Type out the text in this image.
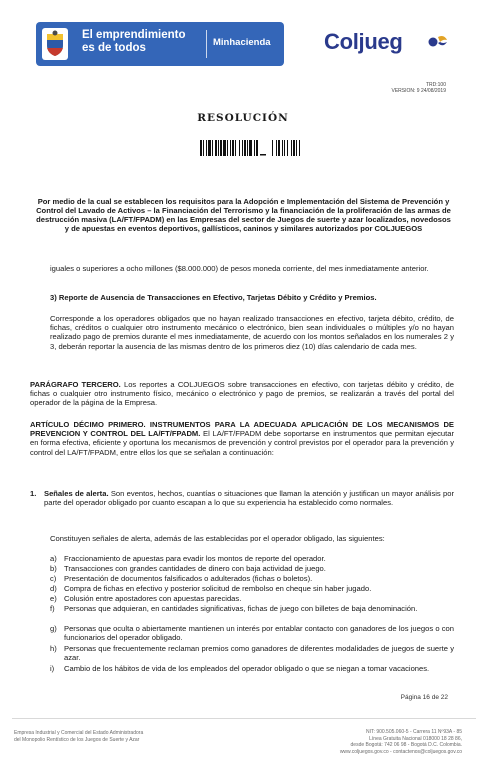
El emprendimiento
es de todos	Minhacienda Coljueg
TRD:100
VERSION: 9 24/08/2019
RESOLUCIÓN
Por medio de la cual se establecen los requisitos para la Adopción e Implementación del Sistema de Prevención y Control del Lavado de Activos – la Financiación del Terrorismo y la financiación de la proliferación de las armas de destrucción masiva (LA/FT/FPADM) en las Empresas del sector de Juegos de suerte y azar localizados, novedosos y de apuestas en eventos deportivos, gallísticos, caninos y similares autorizados por COLJUEGOS
iguales o superiores a ocho millones ($8.000.000) de pesos moneda corriente, del mes inmediatamente anterior.
3) Reporte de Ausencia de Transacciones en Efectivo, Tarjetas Débito y Crédito y Premios.
Corresponde a los operadores obligados que no hayan realizado transacciones en efectivo, tarjeta débito, crédito, de fichas, créditos o cualquier otro instrumento mecánico o electrónico, bien sean individuales o múltiples y/o no hayan realizado pago de premios durante el mes inmediatamente, de acuerdo con los montos señalados en los numerales 2 y 3, deberán reportar la ausencia de las mismas dentro de los primeros diez (10) días calendario de cada mes.
PARÁGRAFO TERCERO. Los reportes a COLJUEGOS sobre transacciones en efectivo, con tarjetas débito y crédito, de fichas o cualquier otro instrumento físico, mecánico o electrónico y pago de premios, se realizarán a través del portal del operador de la página de la Empresa.
ARTÍCULO DÉCIMO PRIMERO. INSTRUMENTOS PARA LA ADECUADA APLICACIÓN DE LOS MECANISMOS DE PREVENCION Y CONTROL DEL LA/FT/FPADM. El LA/FT/FPADM debe soportarse en instrumentos que permitan ejecutar en forma efectiva, eficiente y oportuna los mecanismos de prevención y control previstos por el operador para la prevención y control del LA/FT/FPADM, entre ellos los que se señalan a continuación:
1. Señales de alerta. Son eventos, hechos, cuantías o situaciones que llaman la atención y justifican un mayor análisis por parte del operador obligado por cuanto escapan a lo que su experiencia ha establecido como normales.
Constituyen señales de alerta, además de las establecidas por el operador obligado, las siguientes:
a) Fraccionamiento de apuestas para evadir los montos de reporte del operador.
b) Transacciones con grandes cantidades de dinero con baja actividad de juego.
c) Presentación de documentos falsificados o adulterados (fichas o boletos).
d) Compra de fichas en efectivo y posterior solicitud de rembolso en cheque sin haber jugado.
e) Colusión entre apostadores con apuestas parecidas.
f) Personas que adquieran, en cantidades significativas, fichas de juego con billetes de baja denominación.
g) Personas que oculta o abiertamente mantienen un interés por entablar contacto con ganadores de los juegos o con funcionarios del operador obligado.
h) Personas que frecuentemente reclaman premios como ganadores de diferentes modalidades de juegos de suerte y azar.
i) Cambio de los hábitos de vida de los empleados del operador obligado o que se niegan a tomar vacaciones.
Página 16 de 22
Empresa Industrial y Comercial del Estado Administradora
del Monopolio Rentístico de los Juegos de Suerte y Azar
NIT: 900.505.060-5 - Carrera 11 Nº93A - 85
Línea Gratuita Nacional 018000 18 28 86,
desde Bogotá: 742 06 98 - Bogotá D.C. Colombia.
www.coljuegos.gov.co - contactenos@coljuegos.gov.co
